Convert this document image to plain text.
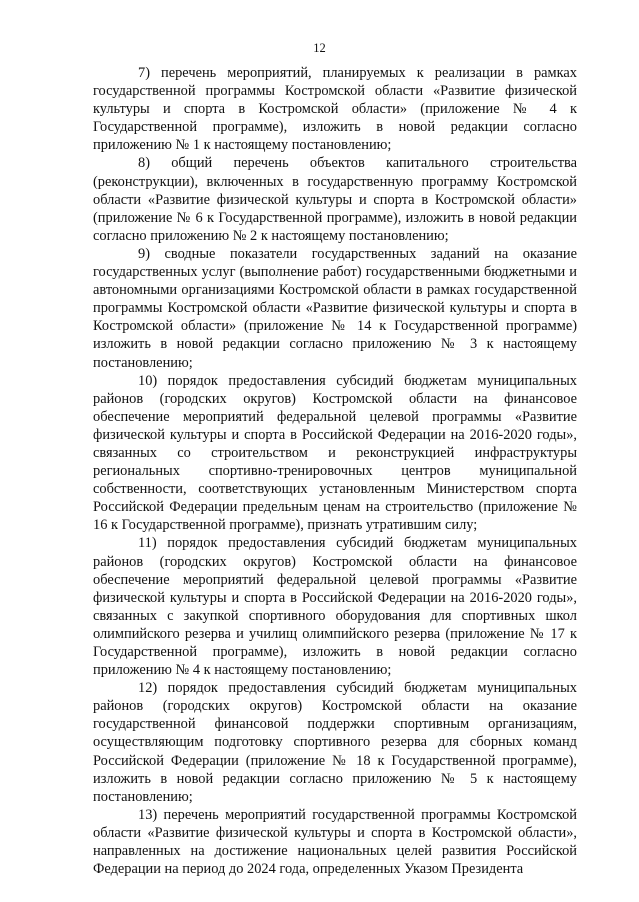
12

7) перечень мероприятий, планируемых к реализации в рамках государственной программы Костромской области «Развитие физической культуры и спорта в Костромской области» (приложение № 4 к Государственной программе), изложить в новой редакции согласно приложению № 1 к настоящему постановлению;

8) общий перечень объектов капитального строительства (реконструкции), включенных в государственную программу Костромской области «Развитие физической культуры и спорта в Костромской области» (приложение № 6 к Государственной программе), изложить в новой редакции согласно приложению № 2 к настоящему постановлению;

9) сводные показатели государственных заданий на оказание государственных услуг (выполнение работ) государственными бюджетными и автономными организациями Костромской области в рамках государственной программы Костромской области «Развитие физической культуры и спорта в Костромской области» (приложение № 14 к Государственной программе) изложить в новой редакции согласно приложению № 3 к настоящему постановлению;

10) порядок предоставления субсидий бюджетам муниципальных районов (городских округов) Костромской области на финансовое обеспечение мероприятий федеральной целевой программы «Развитие физической культуры и спорта в Российской Федерации на 2016-2020 годы», связанных со строительством и реконструкцией инфраструктуры региональных спортивно-тренировочных центров муниципальной собственности, соответствующих установленным Министерством спорта Российской Федерации предельным ценам на строительство (приложение № 16 к Государственной программе), признать утратившим силу;

11) порядок предоставления субсидий бюджетам муниципальных районов (городских округов) Костромской области на финансовое обеспечение мероприятий федеральной целевой программы «Развитие физической культуры и спорта в Российской Федерации на 2016-2020 годы», связанных с закупкой спортивного оборудования для спортивных школ олимпийского резерва и училищ олимпийского резерва (приложение № 17 к Государственной программе), изложить в новой редакции согласно приложению № 4 к настоящему постановлению;

12) порядок предоставления субсидий бюджетам муниципальных районов (городских округов) Костромской области на оказание государственной финансовой поддержки спортивным организациям, осуществляющим подготовку спортивного резерва для сборных команд Российской Федерации (приложение № 18 к Государственной программе), изложить в новой редакции согласно приложению № 5 к настоящему постановлению;

13) перечень мероприятий государственной программы Костромской области «Развитие физической культуры и спорта в Костромской области», направленных на достижение национальных целей развития Российской Федерации на период до 2024 года, определенных Указом Президента
